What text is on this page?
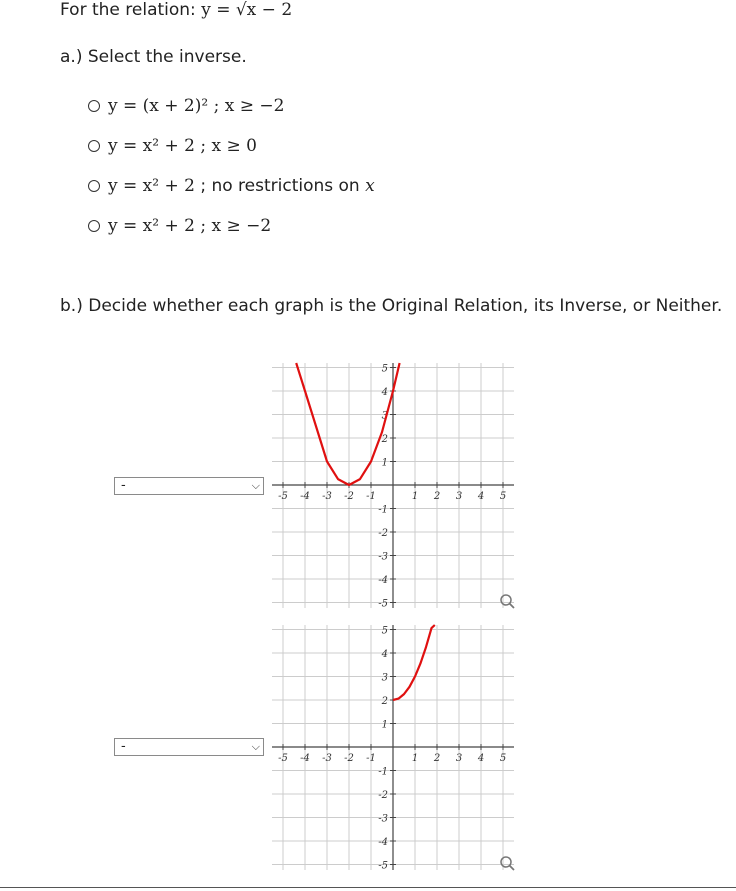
For the relation: y = √x − 2
a.) Select the inverse.
y = (x + 2)² ; x ≥ −2
y = x² + 2 ; x ≥ 0
y = x² + 2 ; no restrictions on x
y = x² + 2 ; x ≥ −2
b.) Decide whether each graph is the Original Relation, its Inverse, or Neither.
-	⌵
-5 -4 -3 -2 -1	1 2 3 4 5
5
4
3
2
1
-1
-2
-3
-4
-5
-	⌵
-5 -4 -3 -2 -1	1 2 3 4 5
5
4
3
2
1
-1
-2
-3
-4
-5
